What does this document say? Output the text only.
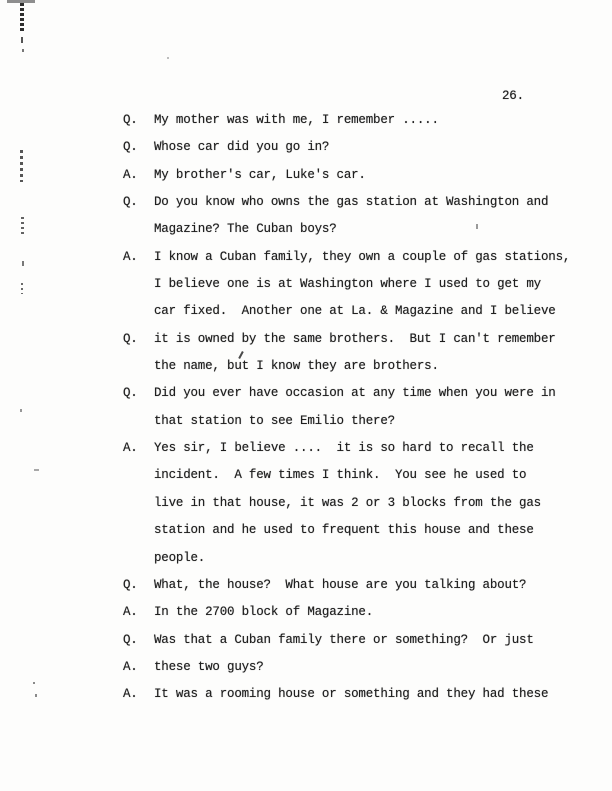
26.
Q. My mother was with me, I remember .....
Q. Whose car did you go in?
A. My brother's car, Luke's car.
Q. Do you know who owns the gas station at Washington and
Magazine? The Cuban boys?
A. I know a Cuban family, they own a couple of gas stations,
I believe one is at Washington where I used to get my
car fixed.  Another one at La. & Magazine and I believe
Q. it is owned by the same brothers.  But I can't remember
the name, but I know they are brothers.
Q. Did you ever have occasion at any time when you were in
that station to see Emilio there?
A. Yes sir, I believe ....  it is so hard to recall the
incident.  A few times I think.  You see he used to
live in that house, it was 2 or 3 blocks from the gas
station and he used to frequent this house and these
people.
Q. What, the house?  What house are you talking about?
A. In the 2700 block of Magazine.
Q. Was that a Cuban family there or something?  Or just
A. these two guys?
A. It was a rooming house or something and they had these
